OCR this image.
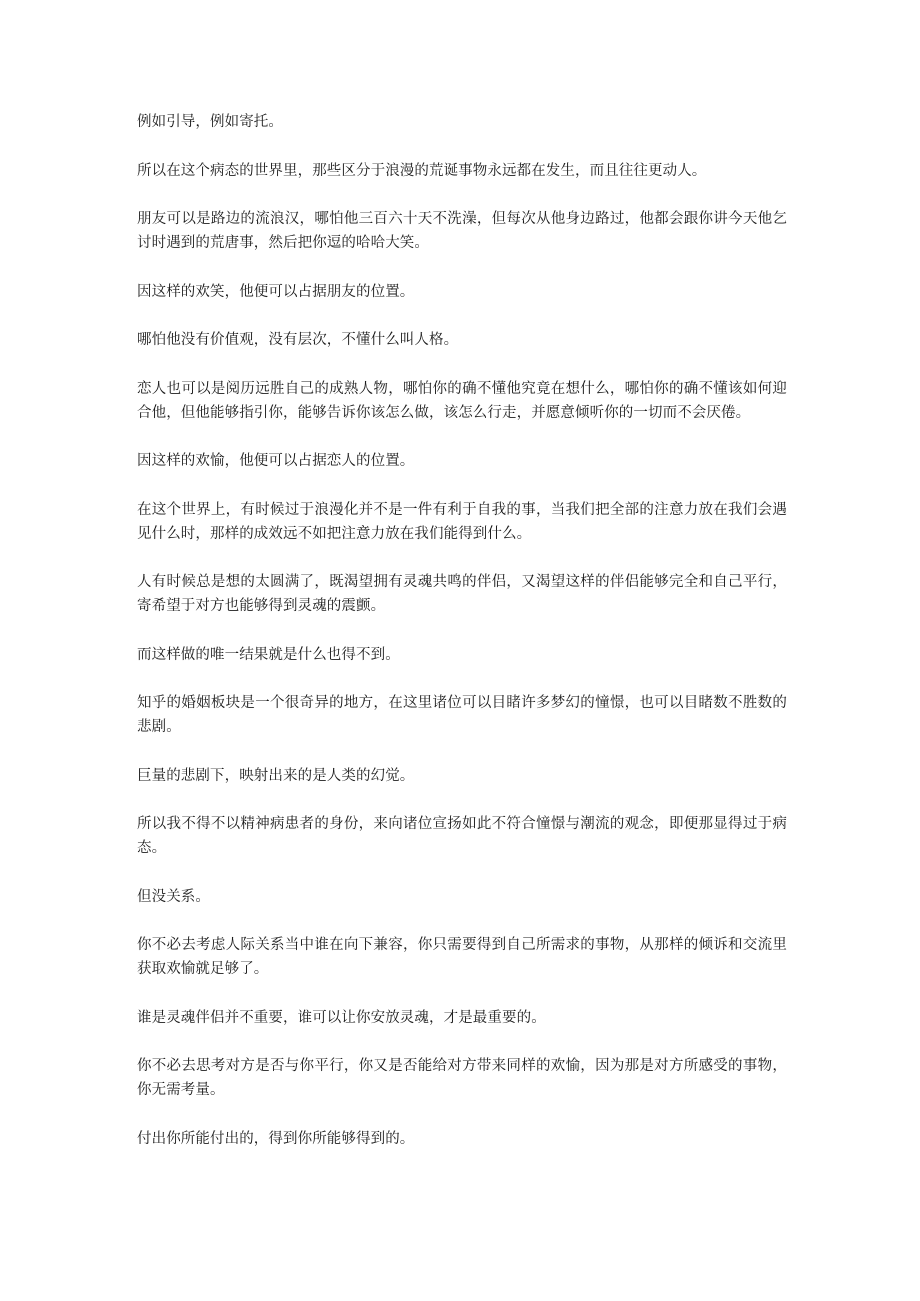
例如引导，例如寄托。

所以在这个病态的世界里，那些区分于浪漫的荒诞事物永远都在发生，而且往往更动人。

朋友可以是路边的流浪汉，哪怕他三百六十天不洗澡，但每次从他身边路过，他都会跟你讲今天他乞讨时遇到的荒唐事，然后把你逗的哈哈大笑。

因这样的欢笑，他便可以占据朋友的位置。

哪怕他没有价值观，没有层次，不懂什么叫人格。

恋人也可以是阅历远胜自己的成熟人物，哪怕你的确不懂他究竟在想什么，哪怕你的确不懂该如何迎合他，但他能够指引你，能够告诉你该怎么做，该怎么行走，并愿意倾听你的一切而不会厌倦。

因这样的欢愉，他便可以占据恋人的位置。

在这个世界上，有时候过于浪漫化并不是一件有利于自我的事，当我们把全部的注意力放在我们会遇见什么时，那样的成效远不如把注意力放在我们能得到什么。

人有时候总是想的太圆满了，既渴望拥有灵魂共鸣的伴侣，又渴望这样的伴侣能够完全和自己平行，寄希望于对方也能够得到灵魂的震颤。

而这样做的唯一结果就是什么也得不到。

知乎的婚姻板块是一个很奇异的地方，在这里诸位可以目睹许多梦幻的憧憬，也可以目睹数不胜数的悲剧。

巨量的悲剧下，映射出来的是人类的幻觉。

所以我不得不以精神病患者的身份，来向诸位宣扬如此不符合憧憬与潮流的观念，即便那显得过于病态。

但没关系。

你不必去考虑人际关系当中谁在向下兼容，你只需要得到自己所需求的事物，从那样的倾诉和交流里获取欢愉就足够了。

谁是灵魂伴侣并不重要，谁可以让你安放灵魂，才是最重要的。

你不必去思考对方是否与你平行，你又是否能给对方带来同样的欢愉，因为那是对方所感受的事物，你无需考量。

付出你所能付出的，得到你所能够得到的。
